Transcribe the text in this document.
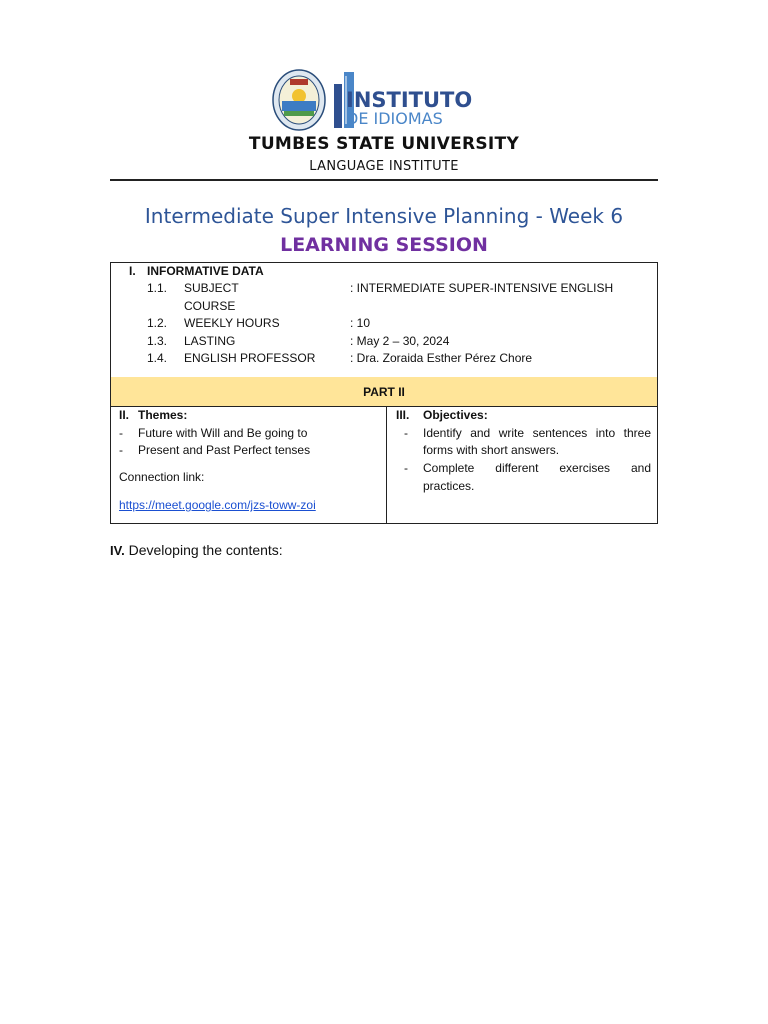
INSTITUTO
DE IDIOMAS
TUMBES STATE UNIVERSITY
LANGUAGE INSTITUTE
Intermediate Super Intensive Planning - Week 6
LEARNING SESSION
I. INFORMATIVE DATA
1.1. SUBJECT	: INTERMEDIATE SUPER-INTENSIVE ENGLISH
COURSE
1.2. WEEKLY HOURS	: 10
1.3. LASTING	: May 2 – 30, 2024
1.4. ENGLISH PROFESSOR	: Dra. Zoraida Esther Pérez Chore
PART II
II. Themes:
- Future with Will and Be going to
- Present and Past Perfect tenses
Connection link:
https://meet.google.com/jzs-toww-zoi
III. Objectives:
- Identify and write sentences into three
forms with short answers.
- Complete different exercises and
practices.
IV. Developing the contents:
